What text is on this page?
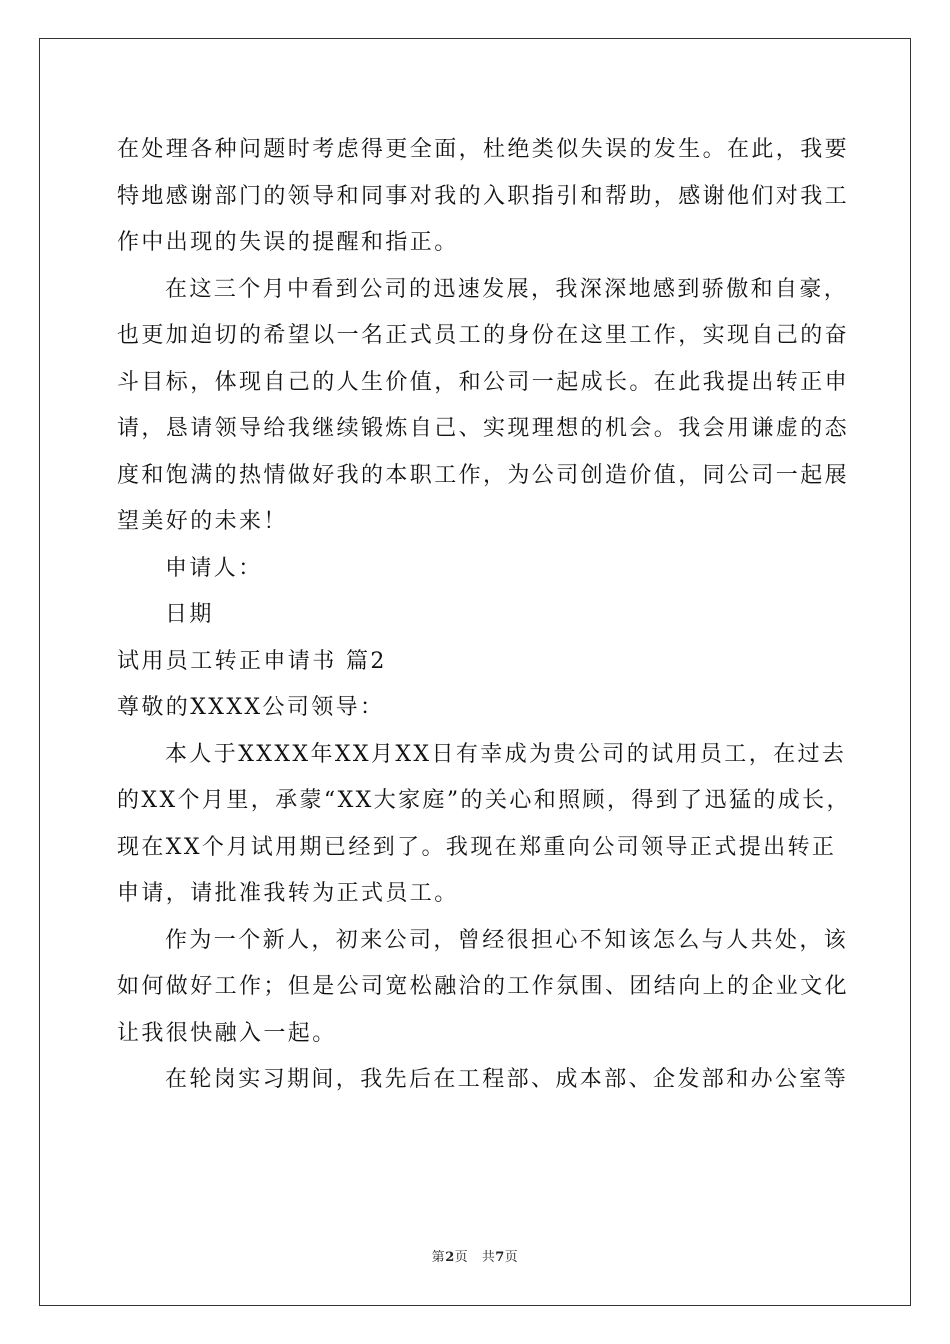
在处理各种问题时考虑得更全面，杜绝类似失误的发生。在此，我要
特地感谢部门的领导和同事对我的入职指引和帮助，感谢他们对我工
作中出现的失误的提醒和指正。
在这三个月中看到公司的迅速发展，我深深地感到骄傲和自豪，
也更加迫切的希望以一名正式员工的身份在这里工作，实现自己的奋
斗目标，体现自己的人生价值，和公司一起成长。在此我提出转正申
请，恳请领导给我继续锻炼自己、实现理想的机会。我会用谦虚的态
度和饱满的热情做好我的本职工作，为公司创造价值，同公司一起展
望美好的未来！
申请人：
日期
试用员工转正申请书 篇2
尊敬的XXXX公司领导：
本人于XXXX年XX月XX日有幸成为贵公司的试用员工，在过去
的XX个月里，承蒙“XX大家庭”的关心和照顾，得到了迅猛的成长，
现在XX个月试用期已经到了。我现在郑重向公司领导正式提出转正
申请，请批准我转为正式员工。
作为一个新人，初来公司，曾经很担心不知该怎么与人共处，该
如何做好工作；但是公司宽松融洽的工作氛围、团结向上的企业文化
让我很快融入一起。
在轮岗实习期间，我先后在工程部、成本部、企发部和办公室等
第2页　共7页
